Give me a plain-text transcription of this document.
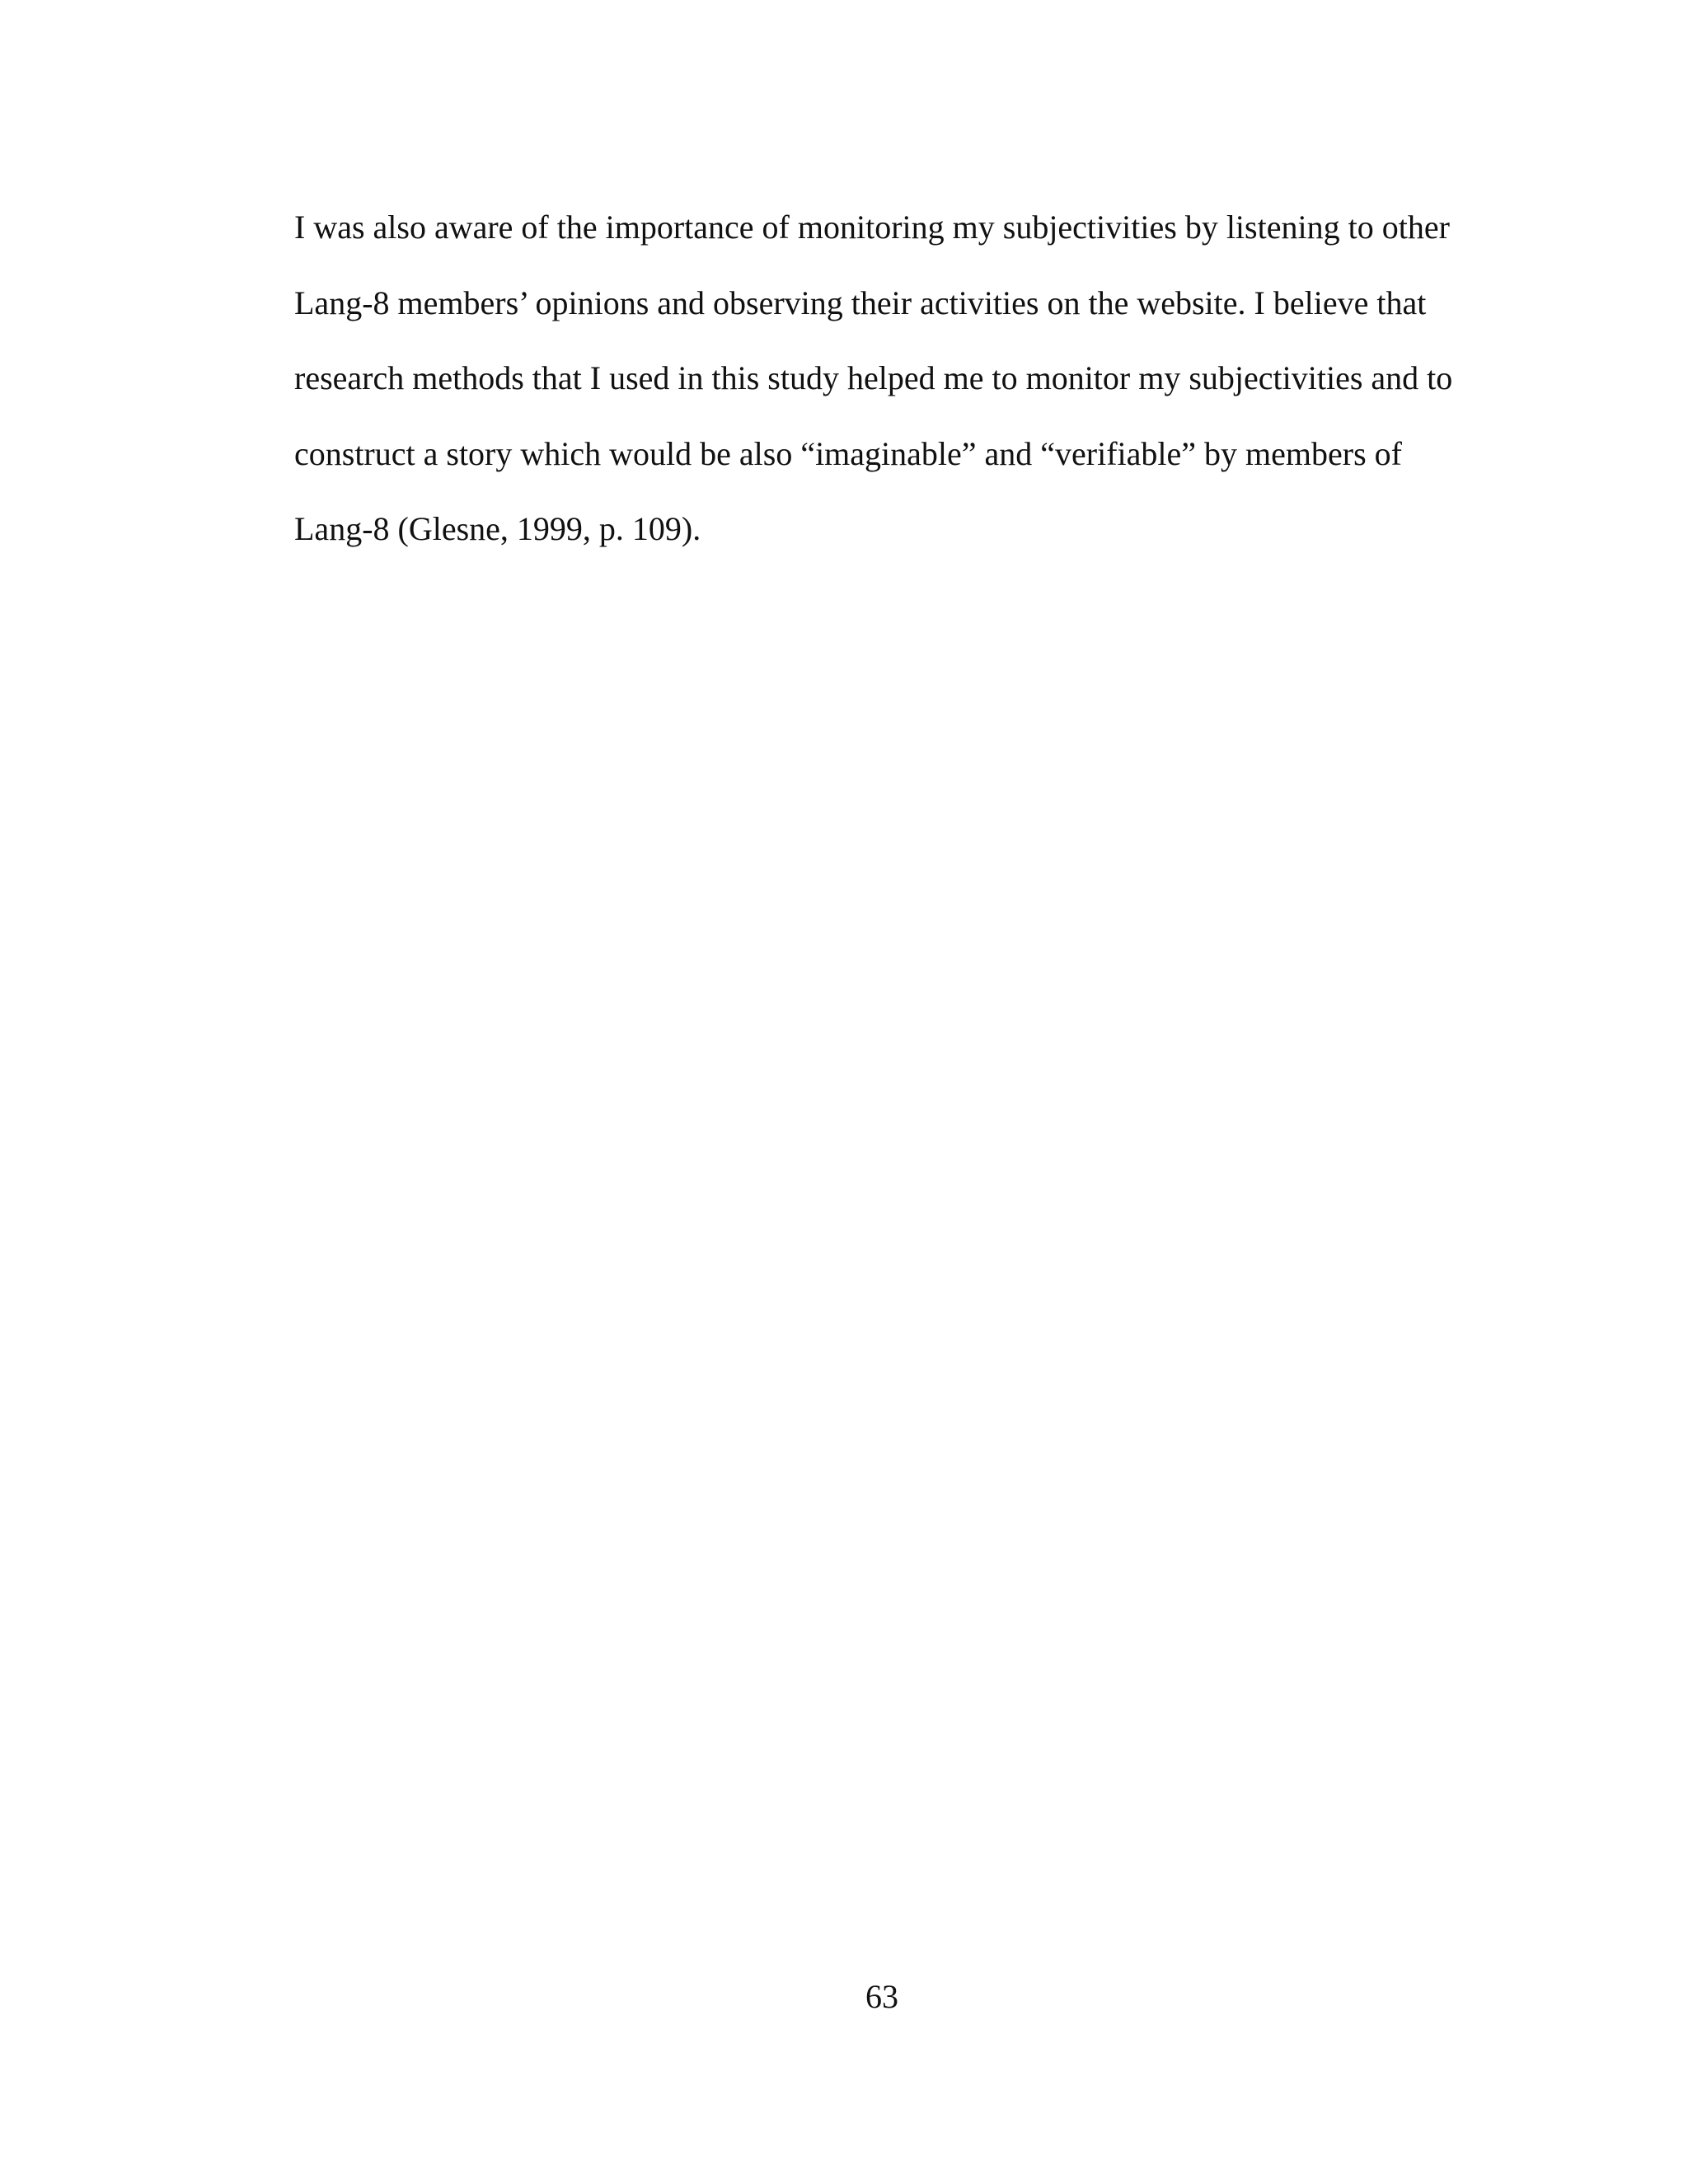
I was also aware of the importance of monitoring my subjectivities by listening to other
Lang-8 members’ opinions and observing their activities on the website. I believe that
research methods that I used in this study helped me to monitor my subjectivities and to
construct a story which would be also “imaginable” and “verifiable” by members of
Lang-8 (Glesne, 1999, p. 109).
63
